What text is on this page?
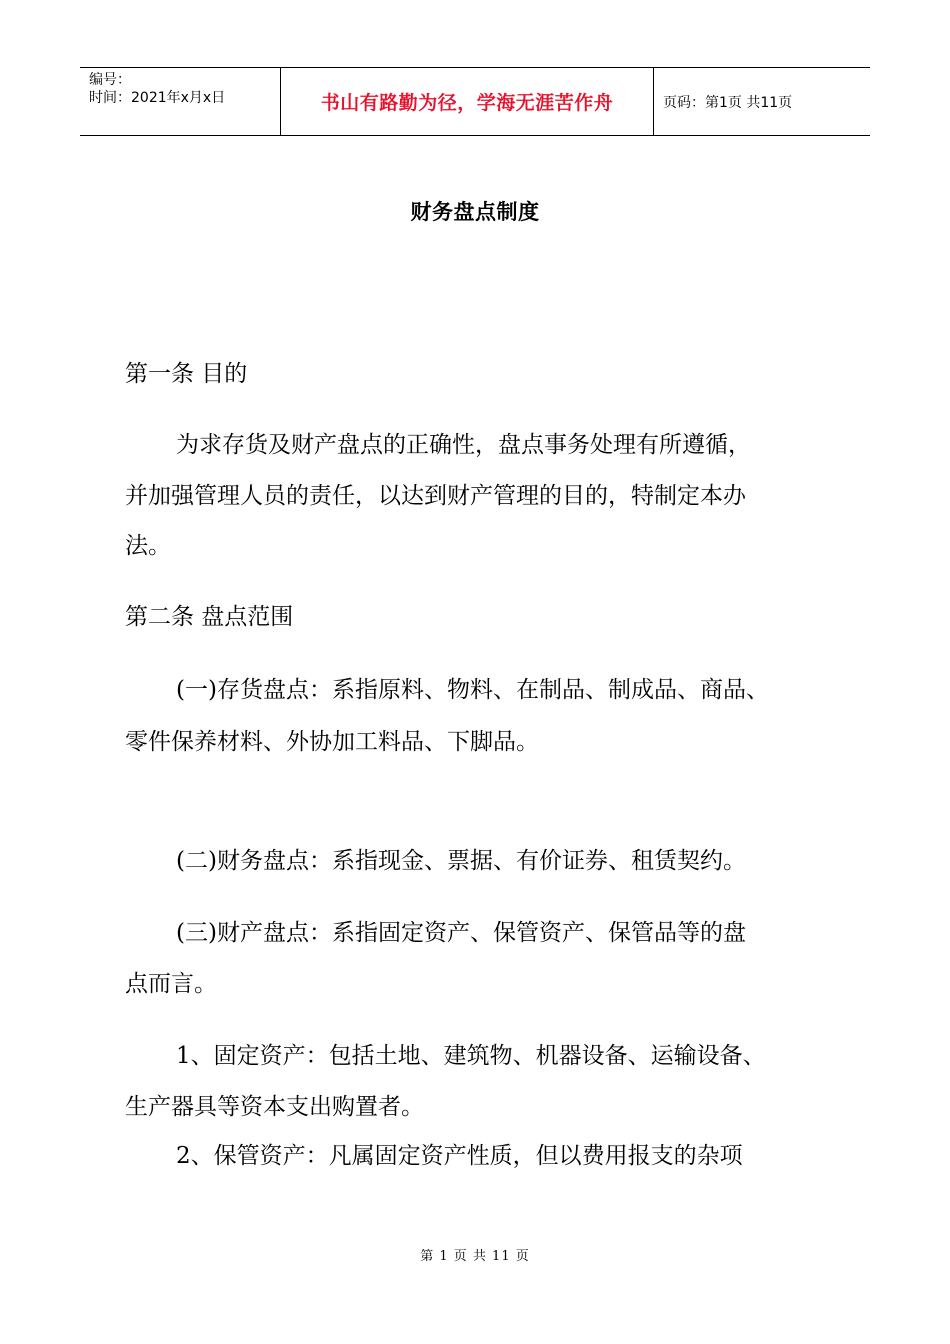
编号：
时间：2021年x月x日	书山有路勤为径，学海无涯苦作舟	页码：第1页 共11页
财务盘点制度
第一条 目的
为求存货及财产盘点的正确性，盘点事务处理有所遵循，
并加强管理人员的责任，以达到财产管理的目的，特制定本办
法。
第二条 盘点范围
(一)存货盘点：系指原料、物料、在制品、制成品、商品、
零件保养材料、外协加工料品、下脚品。
(二)财务盘点：系指现金、票据、有价证券、租赁契约。
(三)财产盘点：系指固定资产、保管资产、保管品等的盘
点而言。
1、固定资产：包括土地、建筑物、机器设备、运输设备、
生产器具等资本支出购置者。
2、保管资产：凡属固定资产性质，但以费用报支的杂项
第 1 页 共 11 页
